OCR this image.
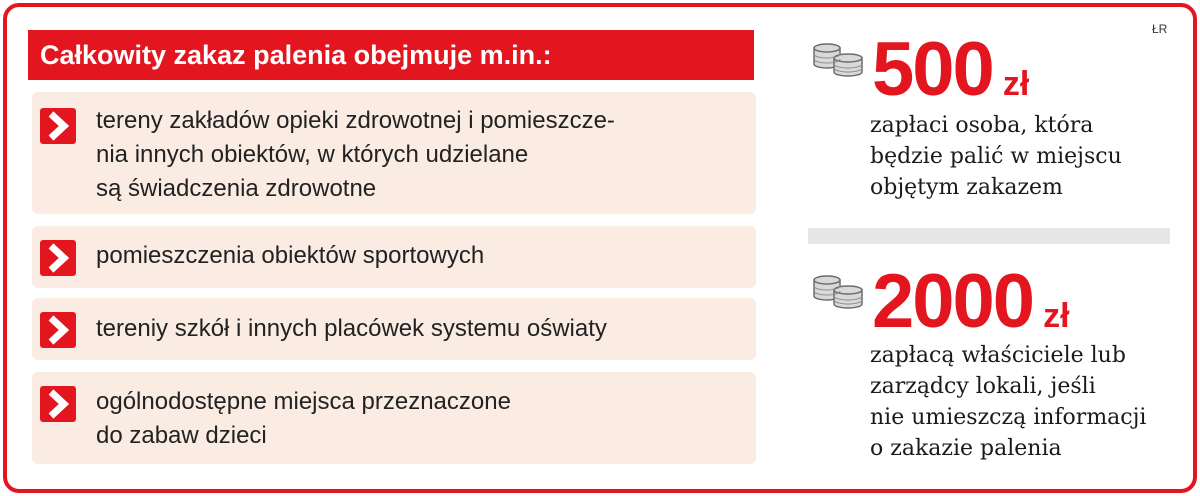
Całkowity zakaz palenia obejmuje m.in.:
tereny zakładów opieki zdrowotnej i pomieszcze-
nia innych obiektów, w których udzielane
są świadczenia zdrowotne
pomieszczenia obiektów sportowych
tereniy szkół i innych placówek systemu oświaty
ogólnodostępne miejsca przeznaczone
do zabaw dzieci
ŁR
500 zł
zapłaci osoba, która
będzie palić w miejscu
objętym zakazem
2000 zł
zapłacą właściciele lub
zarządcy lokali, jeśli
nie umieszczą informacji
o zakazie palenia
